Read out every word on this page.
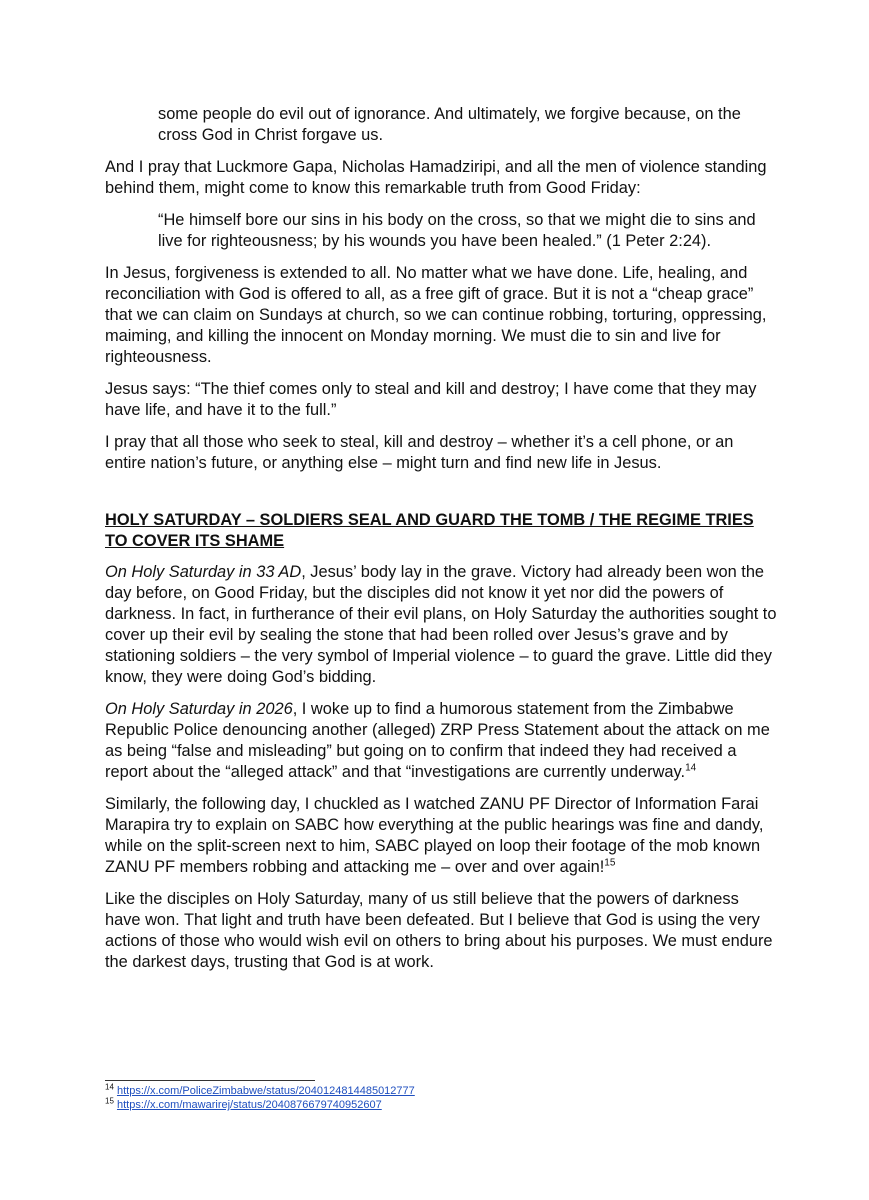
some people do evil out of ignorance. And ultimately, we forgive because, on the cross God in Christ forgave us.

And I pray that Luckmore Gapa, Nicholas Hamadziripi, and all the men of violence standing behind them, might come to know this remarkable truth from Good Friday:

“He himself bore our sins in his body on the cross, so that we might die to sins and live for righteousness; by his wounds you have been healed.” (1 Peter 2:24).

In Jesus, forgiveness is extended to all. No matter what we have done. Life, healing, and reconciliation with God is offered to all, as a free gift of grace. But it is not a “cheap grace” that we can claim on Sundays at church, so we can continue robbing, torturing, oppressing, maiming, and killing the innocent on Monday morning. We must die to sin and live for righteousness.

Jesus says: “The thief comes only to steal and kill and destroy; I have come that they may have life, and have it to the full.”

I pray that all those who seek to steal, kill and destroy – whether it’s a cell phone, or an entire nation’s future, or anything else – might turn and find new life in Jesus.

HOLY SATURDAY – SOLDIERS SEAL AND GUARD THE TOMB / THE REGIME TRIES TO COVER ITS SHAME

On Holy Saturday in 33 AD, Jesus’ body lay in the grave. Victory had already been won the day before, on Good Friday, but the disciples did not know it yet nor did the powers of darkness. In fact, in furtherance of their evil plans, on Holy Saturday the authorities sought to cover up their evil by sealing the stone that had been rolled over Jesus’s grave and by stationing soldiers – the very symbol of Imperial violence – to guard the grave. Little did they know, they were doing God’s bidding.

On Holy Saturday in 2026, I woke up to find a humorous statement from the Zimbabwe Republic Police denouncing another (alleged) ZRP Press Statement about the attack on me as being “false and misleading” but going on to confirm that indeed they had received a report about the “alleged attack” and that “investigations are currently underway.$^{14}$

Similarly, the following day, I chuckled as I watched ZANU PF Director of Information Farai Marapira try to explain on SABC how everything at the public hearings was fine and dandy, while on the split-screen next to him, SABC played on loop their footage of the mob known ZANU PF members robbing and attacking me – over and over again!$^{15}$

Like the disciples on Holy Saturday, many of us still believe that the powers of darkness have won. That light and truth have been defeated. But I believe that God is using the very actions of those who would wish evil on others to bring about his purposes. We must endure the darkest days, trusting that God is at work.

$^{14}$ https://x.com/PoliceZimbabwe/status/2040124814485012777
$^{15}$ https://x.com/mawarirej/status/2040876679740952607
